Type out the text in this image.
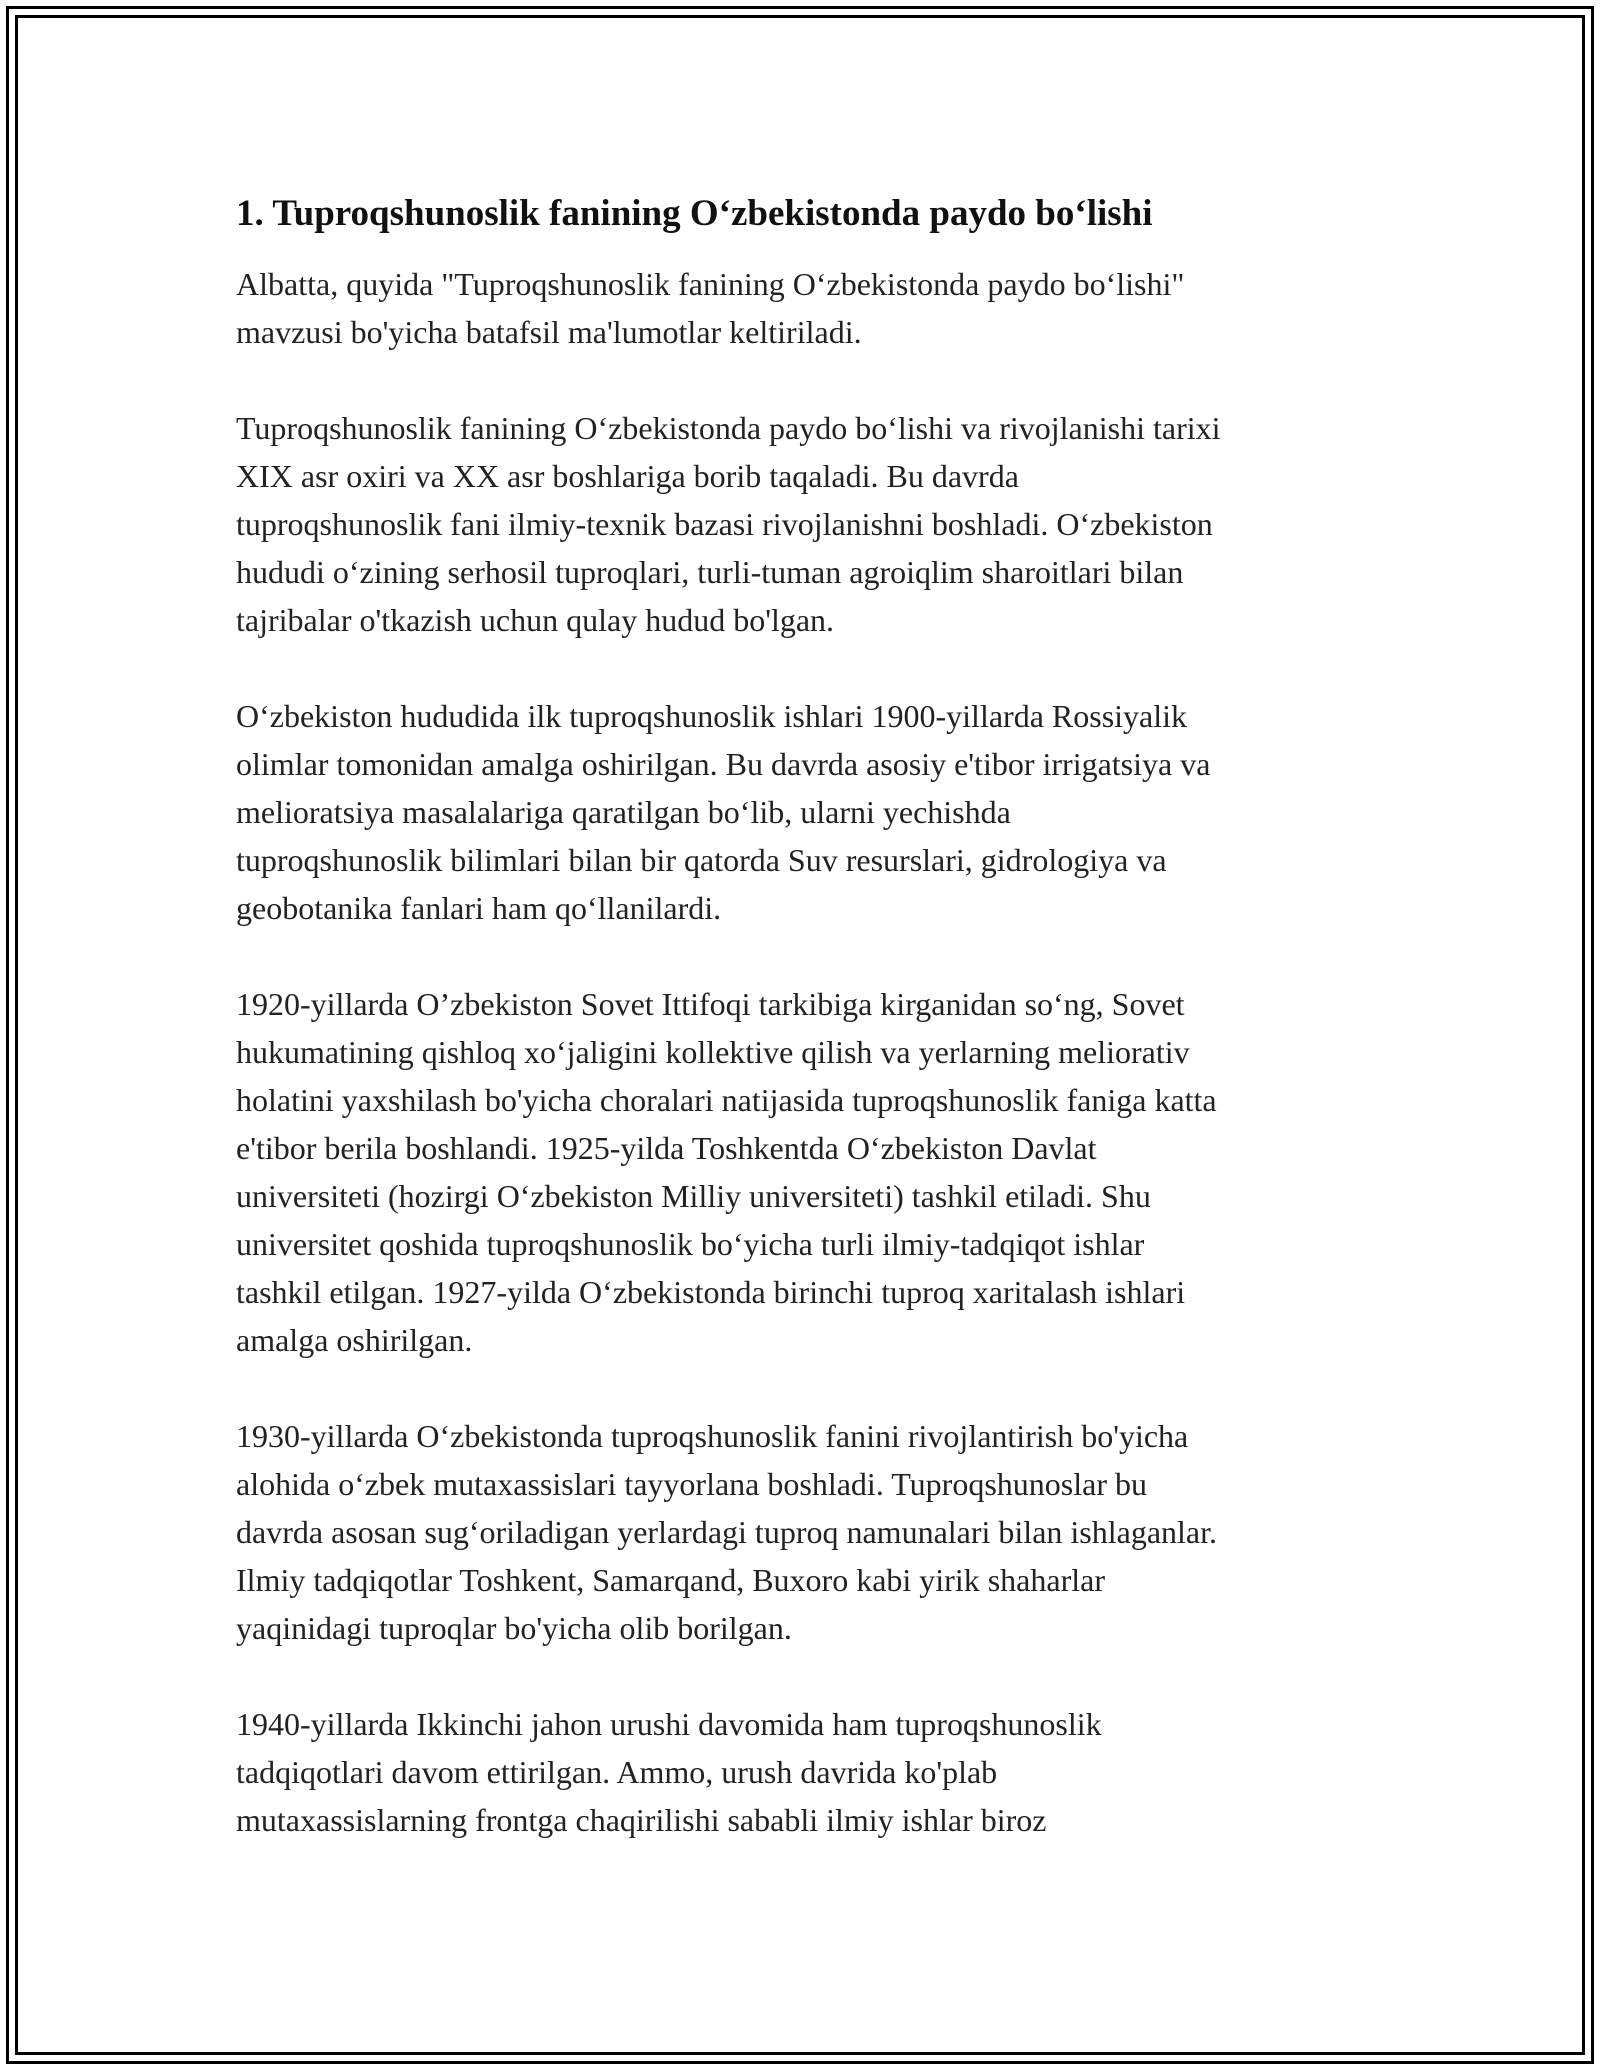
1. Tuproqshunoslik fanining O‘zbekistonda paydo bo‘lishi

Albatta, quyida "Tuproqshunoslik fanining O‘zbekistonda paydo bo‘lishi"
mavzusi bo'yicha batafsil ma'lumotlar keltiriladi.

Tuproqshunoslik fanining O‘zbekistonda paydo bo‘lishi va rivojlanishi tarixi
XIX asr oxiri va XX asr boshlariga borib taqaladi. Bu davrda
tuproqshunoslik fani ilmiy-texnik bazasi rivojlanishni boshladi. O‘zbekiston
hududi o‘zining serhosil tuproqlari, turli-tuman agroiqlim sharoitlari bilan
tajribalar o'tkazish uchun qulay hudud bo'lgan.

O‘zbekiston hududida ilk tuproqshunoslik ishlari 1900-yillarda Rossiyalik
olimlar tomonidan amalga oshirilgan. Bu davrda asosiy e'tibor irrigatsiya va
melioratsiya masalalariga qaratilgan bo‘lib, ularni yechishda
tuproqshunoslik bilimlari bilan bir qatorda Suv resurslari, gidrologiya va
geobotanika fanlari ham qo‘llanilardi.

1920-yillarda O’zbekiston Sovet Ittifoqi tarkibiga kirganidan so‘ng, Sovet
hukumatining qishloq xo‘jaligini kollektive qilish va yerlarning meliorativ
holatini yaxshilash bo'yicha choralari natijasida tuproqshunoslik faniga katta
e'tibor berila boshlandi. 1925-yilda Toshkentda O‘zbekiston Davlat
universiteti (hozirgi O‘zbekiston Milliy universiteti) tashkil etiladi. Shu
universitet qoshida tuproqshunoslik bo‘yicha turli ilmiy-tadqiqot ishlar
tashkil etilgan. 1927-yilda O‘zbekistonda birinchi tuproq xaritalash ishlari
amalga oshirilgan.

1930-yillarda O‘zbekistonda tuproqshunoslik fanini rivojlantirish bo'yicha
alohida o‘zbek mutaxassislari tayyorlana boshladi. Tuproqshunoslar bu
davrda asosan sug‘oriladigan yerlardagi tuproq namunalari bilan ishlaganlar.
Ilmiy tadqiqotlar Toshkent, Samarqand, Buxoro kabi yirik shaharlar
yaqinidagi tuproqlar bo'yicha olib borilgan.

1940-yillarda Ikkinchi jahon urushi davomida ham tuproqshunoslik
tadqiqotlari davom ettirilgan. Ammo, urush davrida ko'plab
mutaxassislarning frontga chaqirilishi sababli ilmiy ishlar biroz
